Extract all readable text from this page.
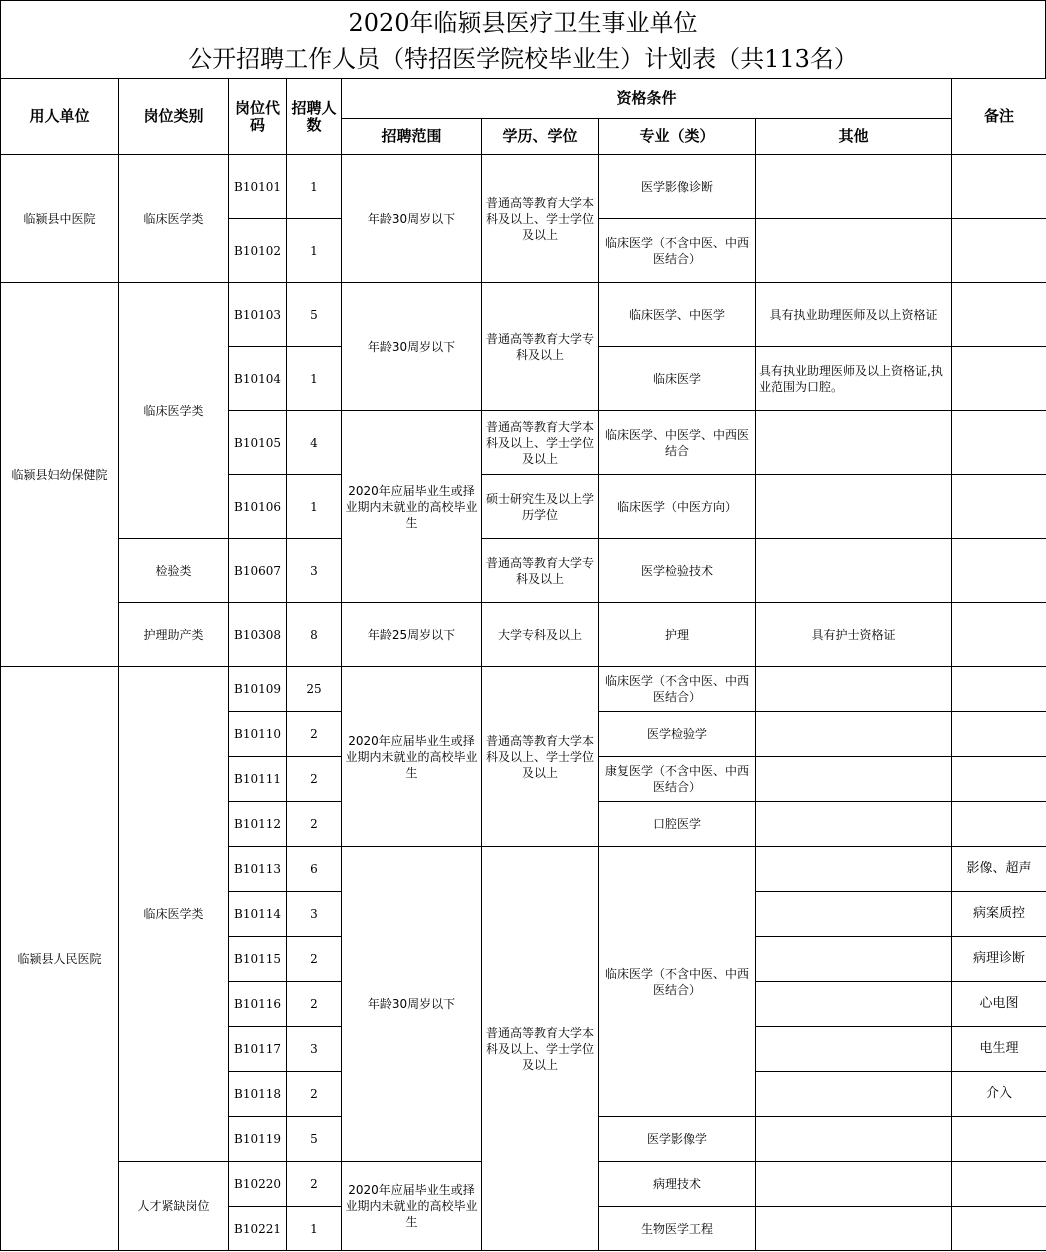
2020年临颍县医疗卫生事业单位
公开招聘工作人员（特招医学院校毕业生）计划表（共113名）
用人单位	岗位类别	岗位代码	招聘人数	资格条件				备注
				招聘范围	学历、学位	专业（类）	其他	
临颍县中医院	临床医学类	B10101	1	年龄30周岁以下	普通高等教育大学本科及以上、学士学位及以上	医学影像诊断		
		B10102	1			临床医学（不含中医、中西医结合）		
临颍县妇幼保健院	临床医学类	B10103	5	年龄30周岁以下	普通高等教育大学专科及以上	临床医学、中医学	具有执业助理医师及以上资格证	
		B10104	1			临床医学	具有执业助理医师及以上资格证,执业范围为口腔。	
		B10105	4	2020年应届毕业生或择业期内未就业的高校毕业生	普通高等教育大学本科及以上、学士学位及以上	临床医学、中医学、中西医结合		
		B10106	1		硕士研究生及以上学历学位	临床医学（中医方向）		
	检验类	B10607	3		普通高等教育大学专科及以上	医学检验技术		
	护理助产类	B10308	8	年龄25周岁以下	大学专科及以上	护理	具有护士资格证	
临颍县人民医院	临床医学类	B10109	25	2020年应届毕业生或择业期内未就业的高校毕业生	普通高等教育大学本科及以上、学士学位及以上	临床医学（不含中医、中西医结合）		
		B10110	2			医学检验学		
		B10111	2			康复医学（不含中医、中西医结合）		
		B10112	2			口腔医学		
		B10113	6	年龄30周岁以下	普通高等教育大学本科及以上、学士学位及以上	临床医学（不含中医、中西医结合）		影像、超声
		B10114	3					病案质控
		B10115	2					病理诊断
		B10116	2					心电图
		B10117	3					电生理
		B10118	2					介入
		B10119	5			医学影像学		
	人才紧缺岗位	B10220	2	2020年应届毕业生或择业期内未就业的高校毕业生		病理技术		
		B10221	1			生物医学工程		
